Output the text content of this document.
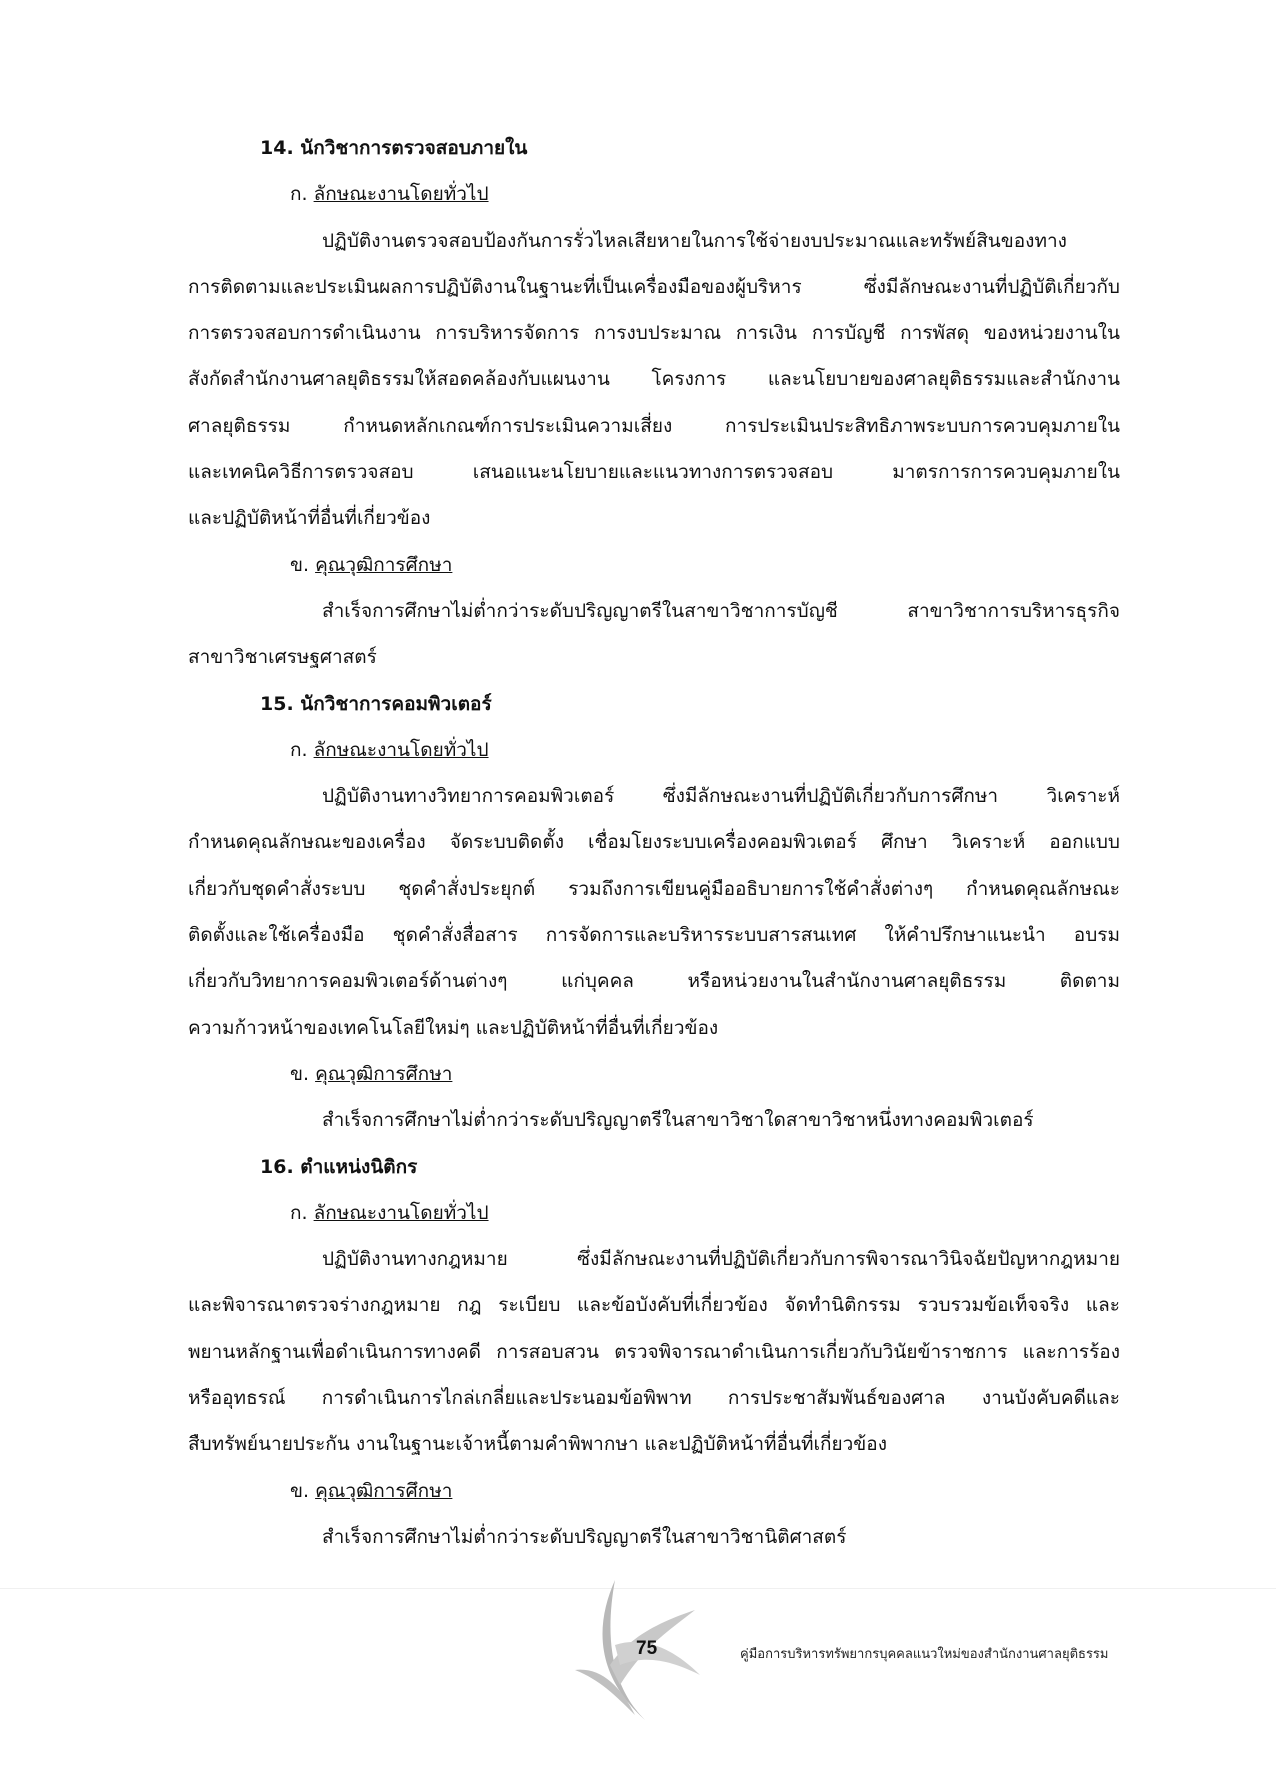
14. นักวิชาการตรวจสอบภายใน
ก. ลักษณะงานโดยทั่วไป
ปฏิบัติงานตรวจสอบป้องกันการรั่วไหลเสียหายในการใช้จ่ายงบประมาณและทรัพย์สินของทาง
การติดตามและประเมินผลการปฏิบัติงานในฐานะที่เป็นเครื่องมือของผู้บริหาร ซึ่งมีลักษณะงานที่ปฏิบัติเกี่ยวกับ
การตรวจสอบการดำเนินงาน การบริหารจัดการ การงบประมาณ การเงิน การบัญชี การพัสดุ ของหน่วยงานใน
สังกัดสำนักงานศาลยุติธรรมให้สอดคล้องกับแผนงาน โครงการ และนโยบายของศาลยุติธรรมและสำนักงาน
ศาลยุติธรรม กำหนดหลักเกณฑ์การประเมินความเสี่ยง การประเมินประสิทธิภาพระบบการควบคุมภายใน
และเทคนิควิธีการตรวจสอบ เสนอแนะนโยบายและแนวทางการตรวจสอบ มาตรการการควบคุมภายใน
และปฏิบัติหน้าที่อื่นที่เกี่ยวข้อง
ข. คุณวุฒิการศึกษา
สำเร็จการศึกษาไม่ต่ำกว่าระดับปริญญาตรีในสาขาวิชาการบัญชี สาขาวิชาการบริหารธุรกิจ
สาขาวิชาเศรษฐศาสตร์
15. นักวิชาการคอมพิวเตอร์
ก. ลักษณะงานโดยทั่วไป
ปฏิบัติงานทางวิทยาการคอมพิวเตอร์ ซึ่งมีลักษณะงานที่ปฏิบัติเกี่ยวกับการศึกษา วิเคราะห์
กำหนดคุณลักษณะของเครื่อง จัดระบบติดตั้ง เชื่อมโยงระบบเครื่องคอมพิวเตอร์ ศึกษา วิเคราะห์ ออกแบบ
เกี่ยวกับชุดคำสั่งระบบ ชุดคำสั่งประยุกต์ รวมถึงการเขียนคู่มืออธิบายการใช้คำสั่งต่างๆ กำหนดคุณลักษณะ
ติดตั้งและใช้เครื่องมือ ชุดคำสั่งสื่อสาร การจัดการและบริหารระบบสารสนเทศ ให้คำปรึกษาแนะนำ อบรม
เกี่ยวกับวิทยาการคอมพิวเตอร์ด้านต่างๆ แก่บุคคล หรือหน่วยงานในสำนักงานศาลยุติธรรม ติดตาม
ความก้าวหน้าของเทคโนโลยีใหม่ๆ และปฏิบัติหน้าที่อื่นที่เกี่ยวข้อง
ข. คุณวุฒิการศึกษา
สำเร็จการศึกษาไม่ต่ำกว่าระดับปริญญาตรีในสาขาวิชาใดสาขาวิชาหนึ่งทางคอมพิวเตอร์
16. ตำแหน่งนิติกร
ก. ลักษณะงานโดยทั่วไป
ปฏิบัติงานทางกฎหมาย ซึ่งมีลักษณะงานที่ปฏิบัติเกี่ยวกับการพิจารณาวินิจฉัยปัญหากฎหมาย
และพิจารณาตรวจร่างกฎหมาย กฎ ระเบียบ และข้อบังคับที่เกี่ยวข้อง จัดทำนิติกรรม รวบรวมข้อเท็จจริง และ
พยานหลักฐานเพื่อดำเนินการทางคดี การสอบสวน ตรวจพิจารณาดำเนินการเกี่ยวกับวินัยข้าราชการ และการร้อง
หรืออุทธรณ์ การดำเนินการไกล่เกลี่ยและประนอมข้อพิพาท การประชาสัมพันธ์ของศาล งานบังคับคดีและ
สืบทรัพย์นายประกัน งานในฐานะเจ้าหนี้ตามคำพิพากษา และปฏิบัติหน้าที่อื่นที่เกี่ยวข้อง
ข. คุณวุฒิการศึกษา
สำเร็จการศึกษาไม่ต่ำกว่าระดับปริญญาตรีในสาขาวิชานิติศาสตร์
75	คู่มือการบริหารทรัพยากรบุคคลแนวใหม่ของสำนักงานศาลยุติธรรม
